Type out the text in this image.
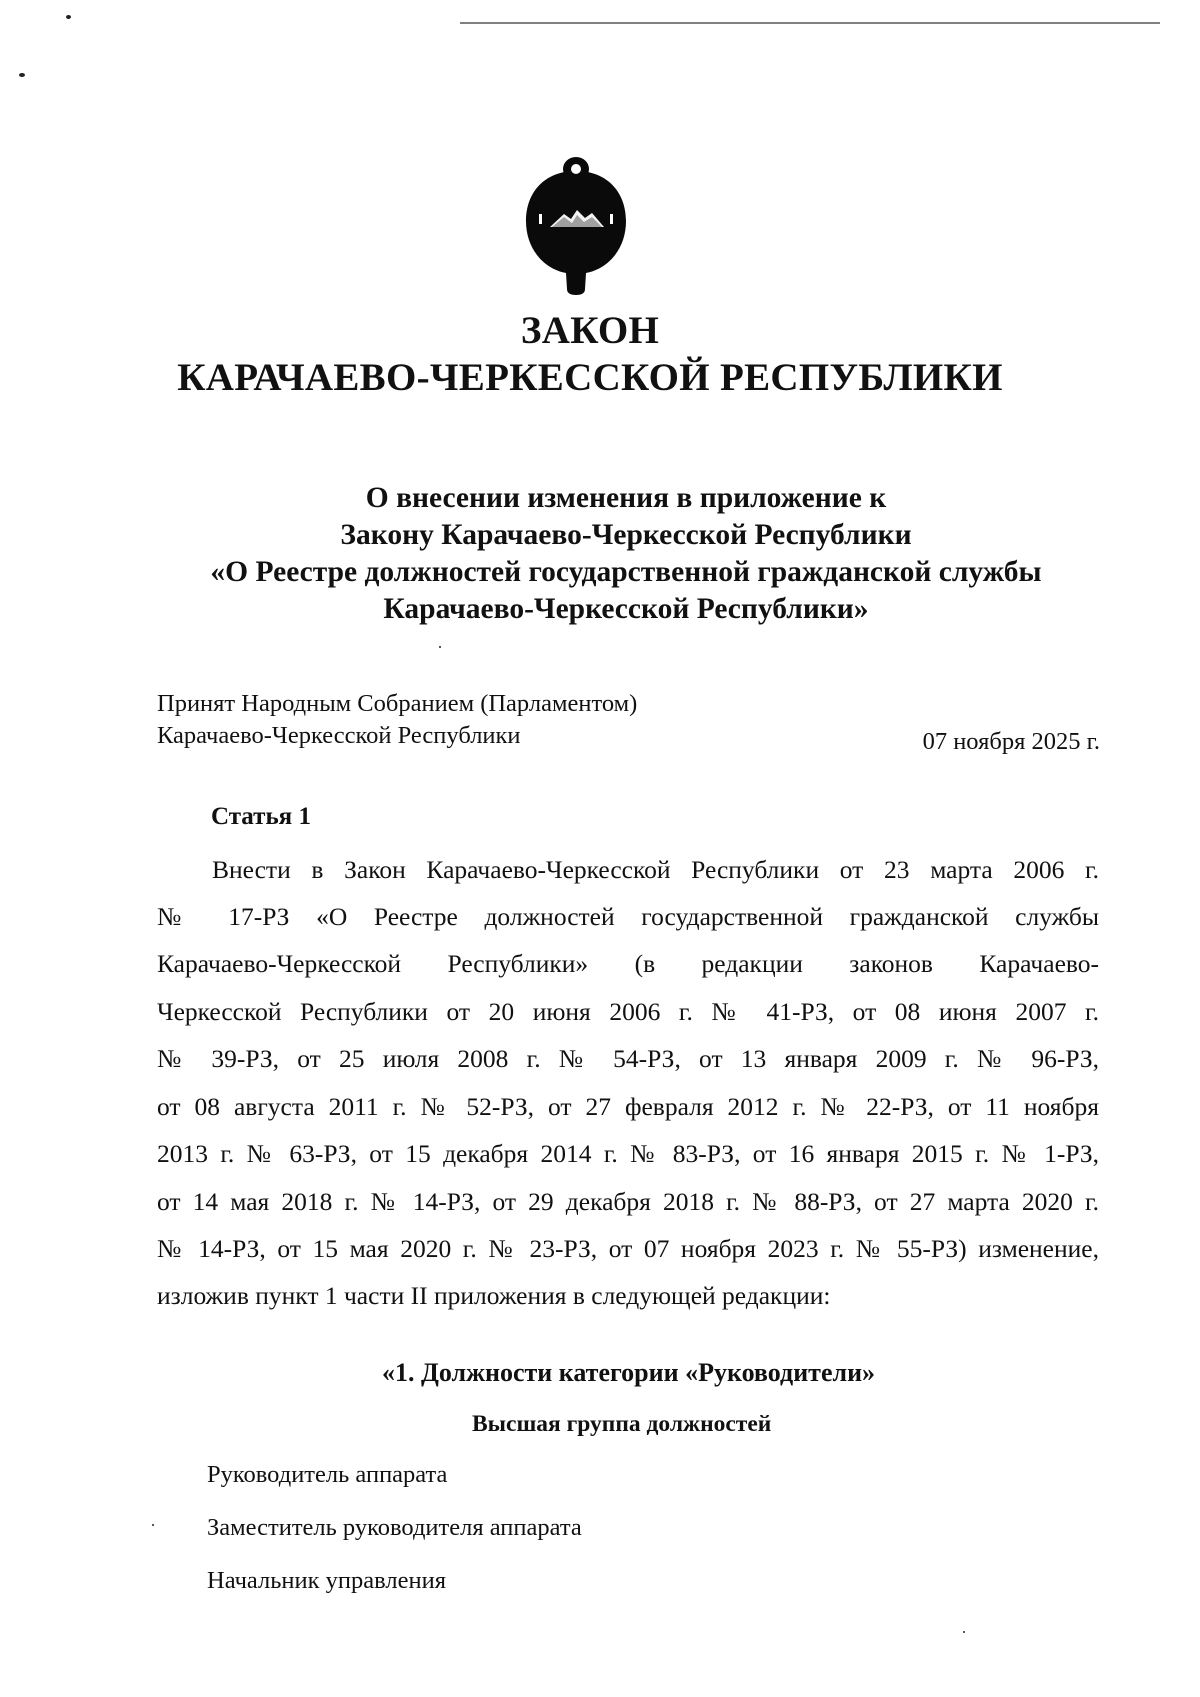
ЗАКОН
КАРАЧАЕВО-ЧЕРКЕССКОЙ РЕСПУБЛИКИ

О внесении изменения в приложение к

Закону Карачаево-Черкесской Республики

«О Реестре должностей государственной гражданской службы

Карачаево-Черкесской Республики»

Принят Народным Собранием (Парламентом)

Карачаево-Черкесской Республики	07 ноября 2025 г.

Статья 1

Внести в Закон Карачаево-Черкесской Республики от 23 марта 2006 г.

№ 17-РЗ «О Реестре должностей государственной гражданской службы

Карачаево-Черкесской Республики» (в редакции законов Карачаево-

Черкесской Республики от 20 июня 2006 г. № 41-РЗ, от 08 июня 2007 г.

№ 39-РЗ, от 25 июля 2008 г. № 54-РЗ, от 13 января 2009 г. № 96-РЗ,

от 08 августа 2011 г. № 52-РЗ, от 27 февраля 2012 г. № 22-РЗ, от 11 ноября

2013 г. № 63-РЗ, от 15 декабря 2014 г. № 83-РЗ, от 16 января 2015 г. № 1-РЗ,

от 14 мая 2018 г. № 14-РЗ, от 29 декабря 2018 г. № 88-РЗ, от 27 марта 2020 г.

№ 14-РЗ, от 15 мая 2020 г. № 23-РЗ, от 07 ноября 2023 г. № 55-РЗ) изменение,

изложив пункт 1 части II приложения в следующей редакции:

«1. Должности категории «Руководители»

Высшая группа должностей

Руководитель аппарата

Заместитель руководителя аппарата

Начальник управления
